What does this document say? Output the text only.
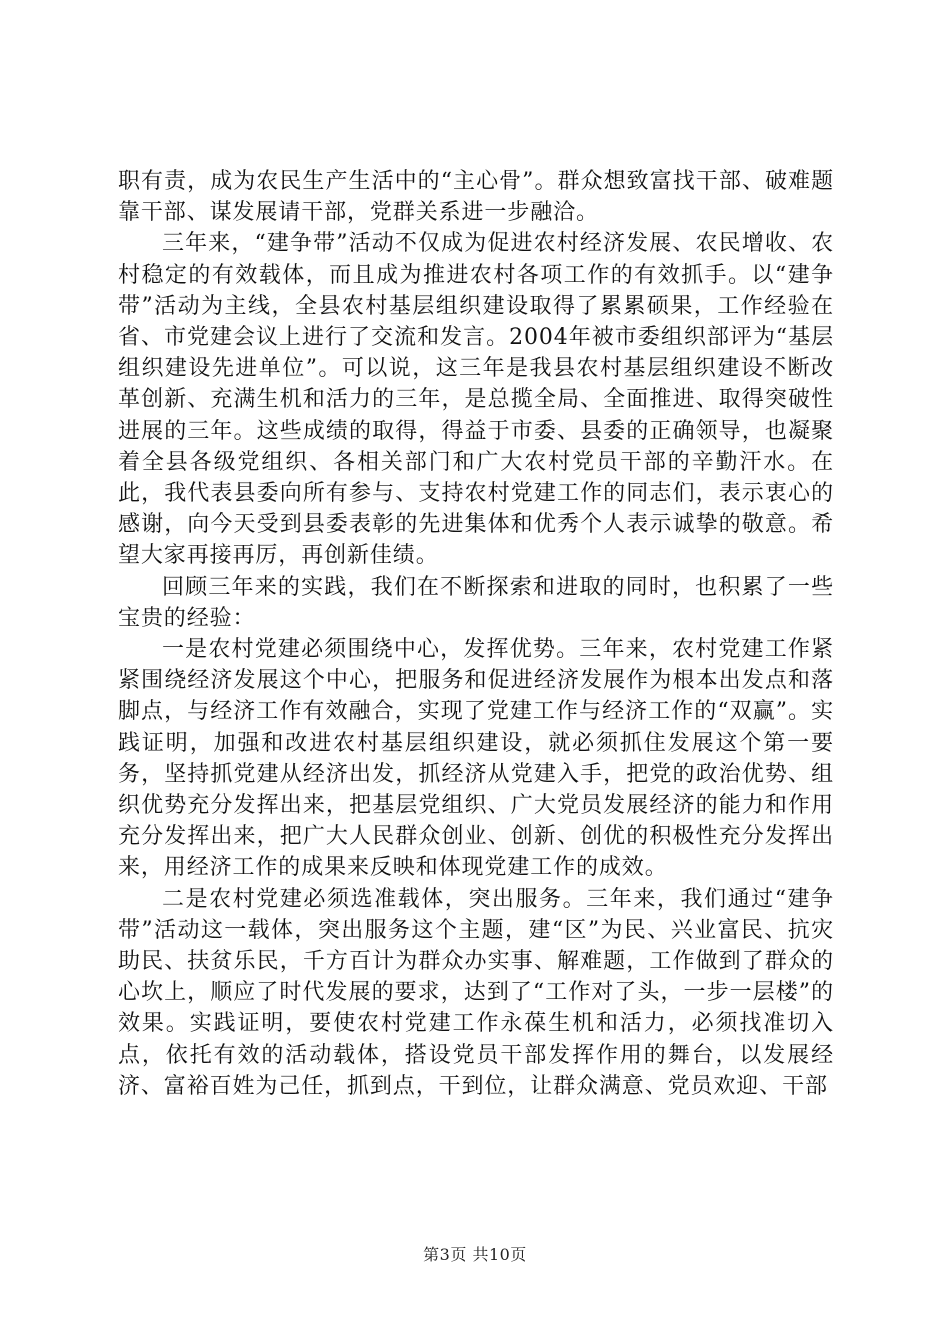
职有责，成为农民生产生活中的“主心骨”。群众想致富找干部、破难题靠干部、谋发展请干部，党群关系进一步融洽。

三年来，“建争带”活动不仅成为促进农村经济发展、农民增收、农村稳定的有效载体，而且成为推进农村各项工作的有效抓手。以“建争带”活动为主线，全县农村基层组织建设取得了累累硕果，工作经验在省、市党建会议上进行了交流和发言。2004年被市委组织部评为“基层组织建设先进单位”。可以说，这三年是我县农村基层组织建设不断改革创新、充满生机和活力的三年，是总揽全局、全面推进、取得突破性进展的三年。这些成绩的取得，得益于市委、县委的正确领导，也凝聚着全县各级党组织、各相关部门和广大农村党员干部的辛勤汗水。在此，我代表县委向所有参与、支持农村党建工作的同志们，表示衷心的感谢，向今天受到县委表彰的先进集体和优秀个人表示诚挚的敬意。希望大家再接再厉，再创新佳绩。

回顾三年来的实践，我们在不断探索和进取的同时，也积累了一些宝贵的经验：

一是农村党建必须围绕中心，发挥优势。三年来，农村党建工作紧紧围绕经济发展这个中心，把服务和促进经济发展作为根本出发点和落脚点，与经济工作有效融合，实现了党建工作与经济工作的“双赢”。实践证明，加强和改进农村基层组织建设，就必须抓住发展这个第一要务，坚持抓党建从经济出发，抓经济从党建入手，把党的政治优势、组织优势充分发挥出来，把基层党组织、广大党员发展经济的能力和作用充分发挥出来，把广大人民群众创业、创新、创优的积极性充分发挥出来，用经济工作的成果来反映和体现党建工作的成效。

二是农村党建必须选准载体，突出服务。三年来，我们通过“建争带”活动这一载体，突出服务这个主题，建“区”为民、兴业富民、抗灾助民、扶贫乐民，千方百计为群众办实事、解难题，工作做到了群众的心坎上，顺应了时代发展的要求，达到了“工作对了头，一步一层楼”的效果。实践证明，要使农村党建工作永葆生机和活力，必须找准切入点，依托有效的活动载体，搭设党员干部发挥作用的舞台，以发展经济、富裕百姓为己任，抓到点，干到位，让群众满意、党员欢迎、干部

第3页 共10页
